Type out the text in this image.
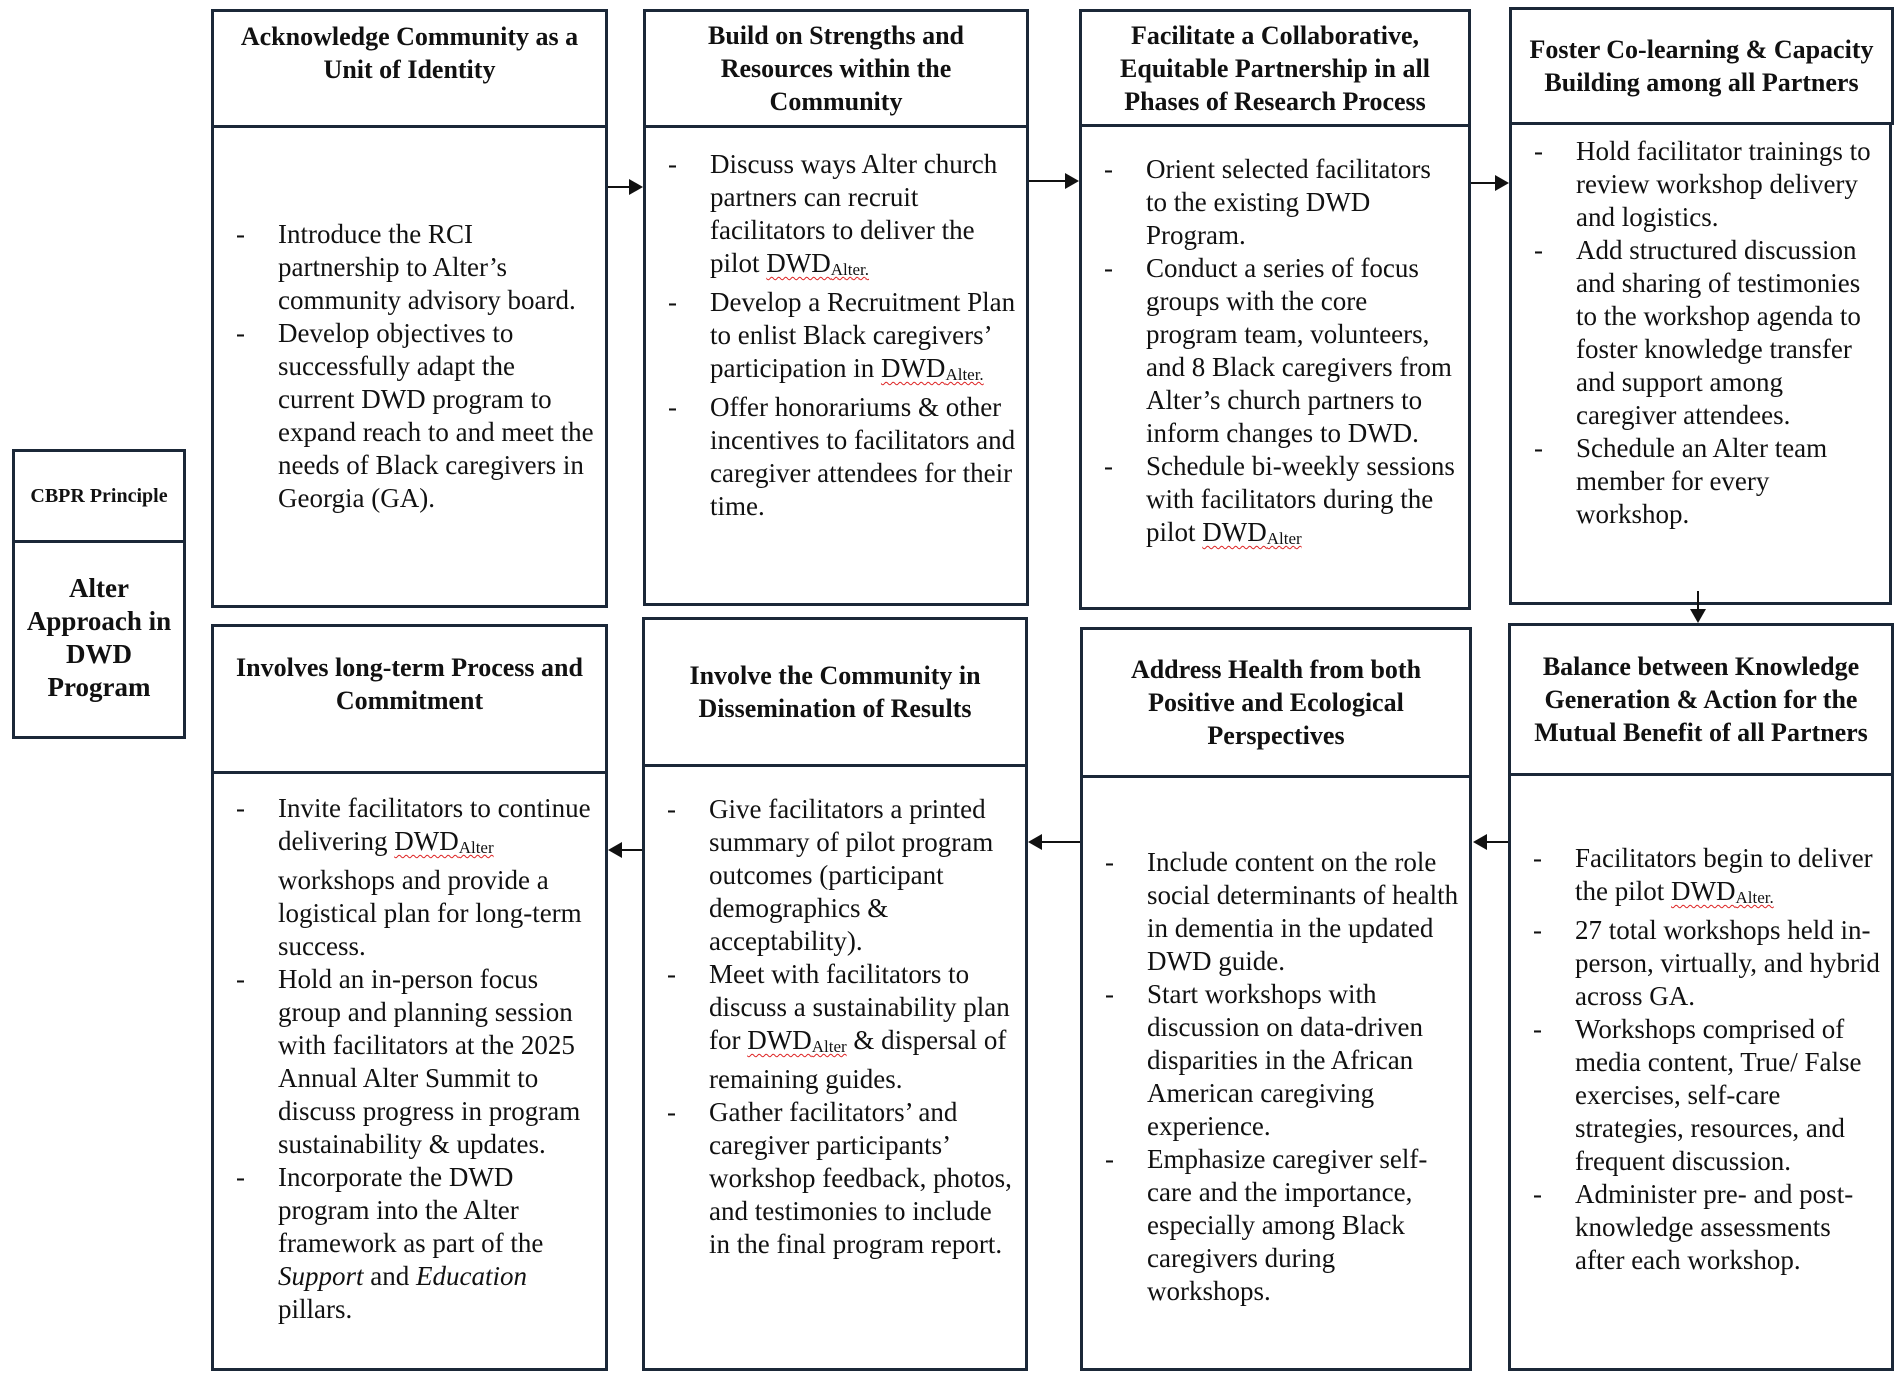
CBPR Principle
Alter Approach in DWD Program
Acknowledge Community as a Unit of Identity
- Introduce the RCI partnership to Alter’s community advisory board.
- Develop objectives to successfully adapt the current DWD program to expand reach to and meet the needs of Black caregivers in Georgia (GA).
Build on Strengths and Resources within the Community
- Discuss ways Alter church partners can recruit facilitators to deliver the pilot DWDAlter.
- Develop a Recruitment Plan to enlist Black caregivers’ participation in DWDAlter.
- Offer honorariums & other incentives to facilitators and caregiver attendees for their time.
Facilitate a Collaborative, Equitable Partnership in all Phases of Research Process
- Orient selected facilitators to the existing DWD Program.
- Conduct a series of focus groups with the core program team, volunteers, and 8 Black caregivers from Alter’s church partners to inform changes to DWD.
- Schedule bi-weekly sessions with facilitators during the pilot DWDAlter
Foster Co-learning & Capacity Building among all Partners
- Hold facilitator trainings to review workshop delivery and logistics.
- Add structured discussion and sharing of testimonies to the workshop agenda to foster knowledge transfer and support among caregiver attendees.
- Schedule an Alter team member for every workshop.
Involves long-term Process and Commitment
- Invite facilitators to continue delivering DWDAlter workshops and provide a logistical plan for long-term success.
- Hold an in-person focus group and planning session with facilitators at the 2025 Annual Alter Summit to discuss progress in program sustainability & updates.
- Incorporate the DWD program into the Alter framework as part of the Support and Education pillars.
Involve the Community in Dissemination of Results
- Give facilitators a printed summary of pilot program outcomes (participant demographics & acceptability).
- Meet with facilitators to discuss a sustainability plan for DWDAlter & dispersal of remaining guides.
- Gather facilitators’ and caregiver participants’ workshop feedback, photos, and testimonies to include in the final program report.
Address Health from both Positive and Ecological Perspectives
- Include content on the role social determinants of health in dementia in the updated DWD guide.
- Start workshops with discussion on data-driven disparities in the African American caregiving experience.
- Emphasize caregiver self-care and the importance, especially among Black caregivers during workshops.
Balance between Knowledge Generation & Action for the Mutual Benefit of all Partners
- Facilitators begin to deliver the pilot DWDAlter.
- 27 total workshops held in-person, virtually, and hybrid across GA.
- Workshops comprised of media content, True/ False exercises, self-care strategies, resources, and frequent discussion.
- Administer pre- and post-knowledge assessments after each workshop.
